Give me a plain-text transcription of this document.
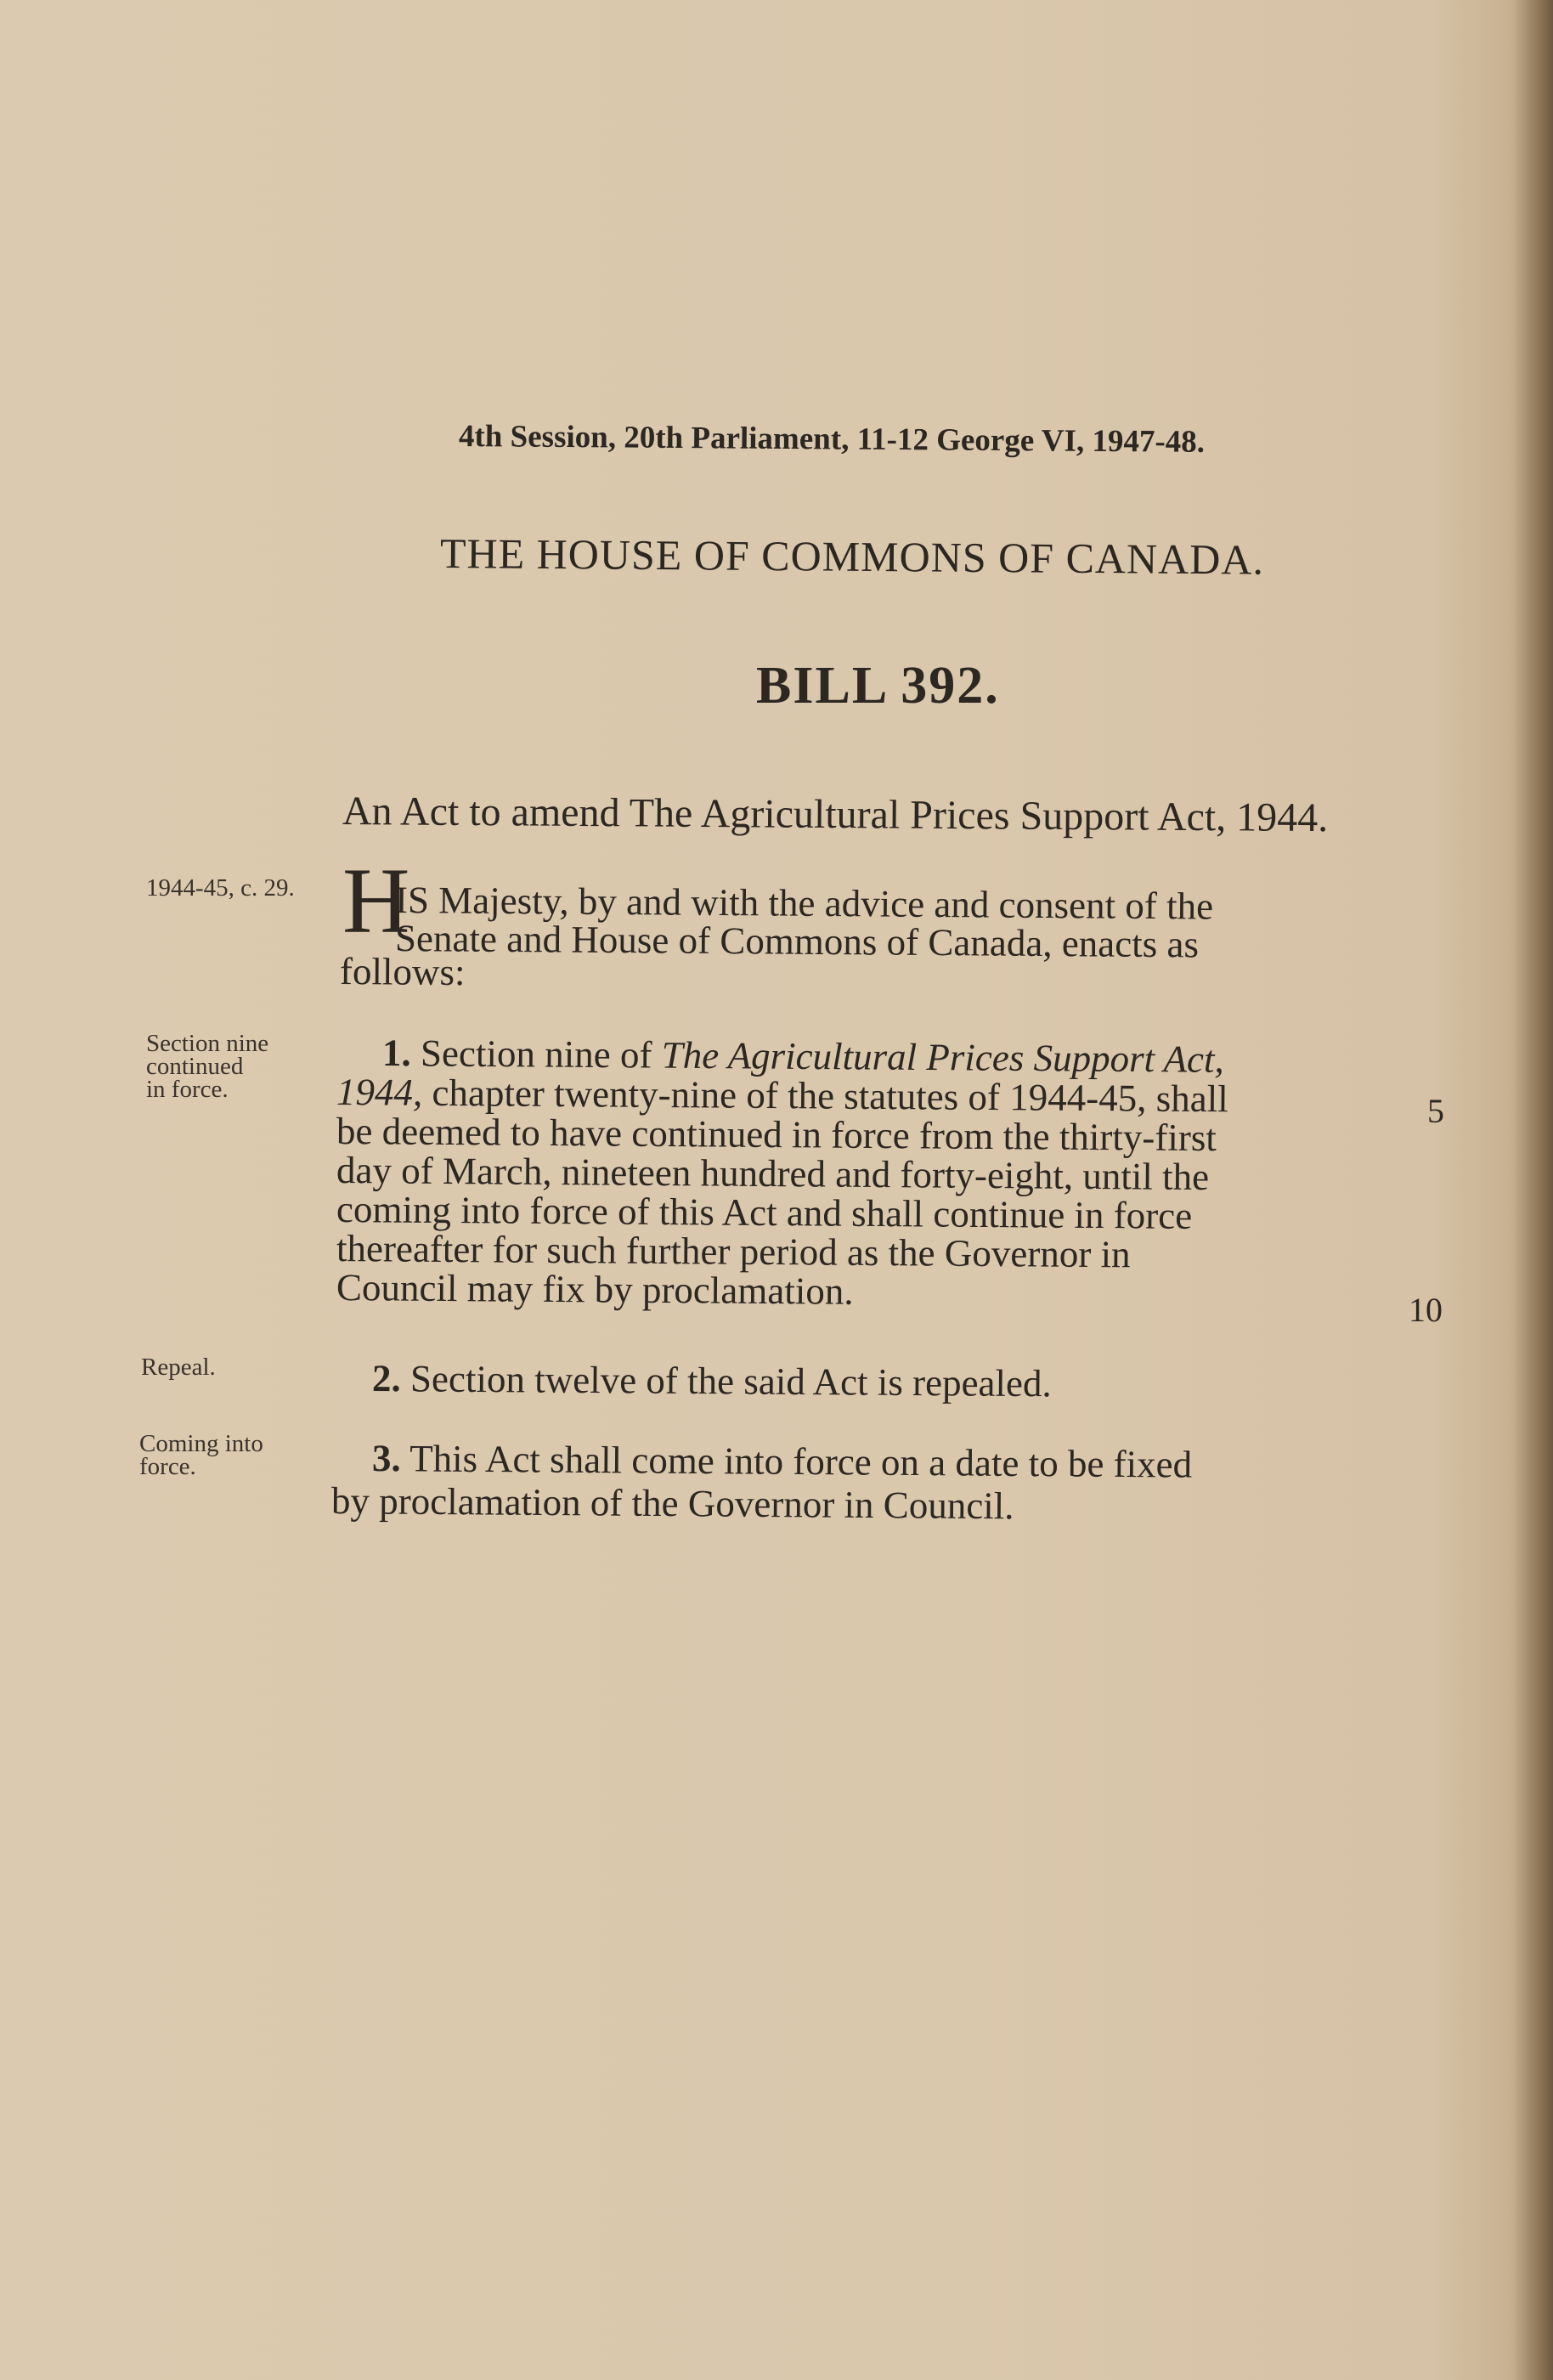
4th Session, 20th Parliament, 11-12 George VI, 1947-48.
THE HOUSE OF COMMONS OF CANADA.
BILL 392.
An Act to amend The Agricultural Prices Support Act, 1944.
1944-45, c. 29.
Section nine
continued
in force.
Repeal.
Coming into
force.
H
IS Majesty, by and with the advice and consent of the
Senate and House of Commons of Canada, enacts as
follows:
1. Section nine of The Agricultural Prices Support Act,
1944, chapter twenty-nine of the statutes of 1944-45, shall
be deemed to have continued in force from the thirty-first
day of March, nineteen hundred and forty-eight, until the
coming into force of this Act and shall continue in force
thereafter for such further period as the Governor in
Council may fix by proclamation.
5
10
2. Section twelve of the said Act is repealed.
3. This Act shall come into force on a date to be fixed
by proclamation of the Governor in Council.
